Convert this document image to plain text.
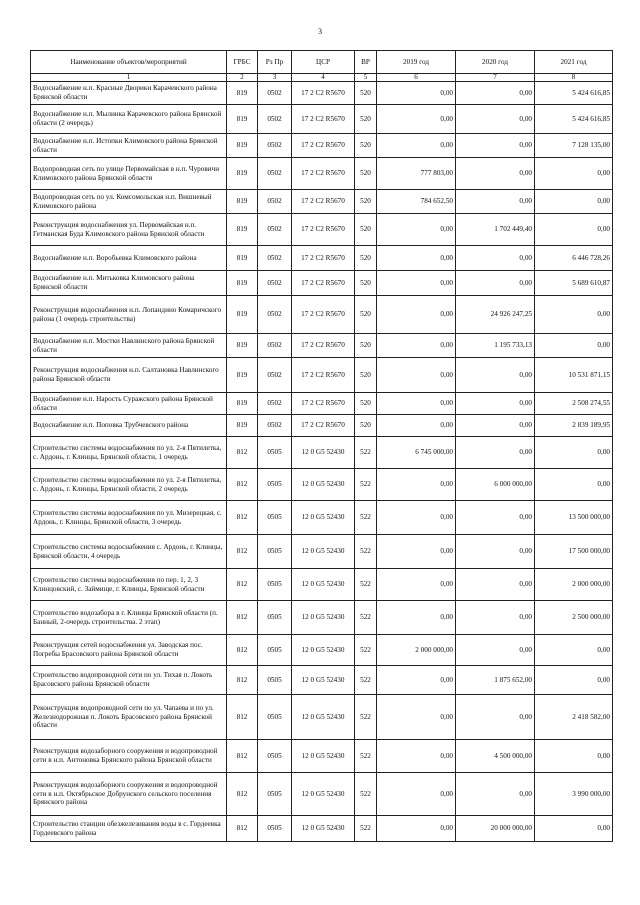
3
Наименование объектов/мероприятий	ГРБС	Рз Пр	ЦСР	ВР	2019 год	2020 год	2021 год
1	2	3	4	5	6	7	8
Водоснабжение н.п. Красные Дворики Карачевского района Брянской области	819	0502	17 2 C2 R5670	520	0,00	0,00	5 424 616,85
Водоснабжение н.п. Мылинка Карачевского района Брянской области (2 очередь)	819	0502	17 2 C2 R5670	520	0,00	0,00	5 424 616,85
Водоснабжение н.п. Истопки Климовского района Брянской области	819	0502	17 2 C2 R5670	520	0,00	0,00	7 128 135,00
Водопроводная сеть по улице Первомайская в н.п. Чуровичи Климовского района Брянской области	819	0502	17 2 C2 R5670	520	777 803,00	0,00	0,00
Водопроводная сеть по ул. Комсомольская н.п. Вишневый Климовского района	819	0502	17 2 C2 R5670	520	784 652,50	0,00	0,00
Реконструкция водоснабжения ул. Первомайская н.п. Гетманская Буда Климовского района Брянской области	819	0502	17 2 C2 R5670	520	0,00	1 702 449,40	0,00
Водоснабжение н.п. Воробьевка Климовского района	819	0502	17 2 C2 R5670	520	0,00	0,00	6 446 728,26
Водоснабжение н.п. Митьковка Климовского района Брянской области	819	0502	17 2 C2 R5670	520	0,00	0,00	5 689 610,87
Реконструкция водоснабжения н.п. Лопандино Комаричского района (1 очередь строительства)	819	0502	17 2 C2 R5670	520	0,00	24 926 247,25	0,00
Водоснабжение н.п. Мостки Навлинского района Брянской области	819	0502	17 2 C2 R5670	520	0,00	1 195 733,13	0,00
Реконструкция водоснабжения н.п. Салтановка Навлинского района Брянской области	819	0502	17 2 C2 R5670	520	0,00	0,00	10 531 871,15
Водоснабжение н.п. Нарость Суражского района Брянской области	819	0502	17 2 C2 R5670	520	0,00	0,00	2 508 274,55
Водоснабжение н.п. Поповка Трубчевского района	819	0502	17 2 C2 R5670	520	0,00	0,00	2 839 189,95
Строительство системы водоснабжения по ул. 2-я Пятилетка, с. Ардонь, г. Клинцы, Брянской области, 1 очередь	812	0505	12 0 G5 52430	522	6 745 000,00	0,00	0,00
Строительство системы водоснабжения по ул. 2-я Пятилетка, с. Ардонь, г. Клинцы, Брянской области, 2 очередь	812	0505	12 0 G5 52430	522	0,00	6 000 000,00	0,00
Строительство системы водоснабжения по ул. Мизерецкая, с. Ардонь, г. Клинцы, Брянской области, 3 очередь	812	0505	12 0 G5 52430	522	0,00	0,00	13 500 000,00
Строительство системы водоснабжения с. Ардонь, г. Клинцы, Брянской области, 4 очередь	812	0505	12 0 G5 52430	522	0,00	0,00	17 500 000,00
Строительство системы водоснабжения по пер. 1, 2, 3 Клинцовский, с. Займище, г. Клинцы, Брянской области	812	0505	12 0 G5 52430	522	0,00	0,00	2 000 000,00
Строительство водозабора в г. Клинцы Брянской области (п. Банный, 2-очередь строительства. 2 этап)	812	0505	12 0 G5 52430	522	0,00	0,00	2 500 000,00
Реконструкция сетей водоснабжения ул. Заводская пос. Погребы Брасовского района Брянской области	812	0505	12 0 G5 52430	522	2 000 000,00	0,00	0,00
Строительство водопроводной сети по ул. Тихая п. Локоть Брасовского района Брянской области	812	0505	12 0 G5 52430	522	0,00	1 875 652,00	0,00
Реконструкция водопроводной сети по ул. Чапаева и по ул. Железнодорожная п. Локоть Брасовского района Брянской области	812	0505	12 0 G5 52430	522	0,00	0,00	2 418 582,00
Реконструкция водозаборного сооружения и водопроводной сети в н.п. Антоновка Брянского района Брянской области	812	0505	12 0 G5 52430	522	0,00	4 500 000,00	0,00
Реконструкция водозаборного сооружения и водопроводной сети в н.п. Октябрьское Добрунского сельского поселения Брянского района	812	0505	12 0 G5 52430	522	0,00	0,00	3 990 000,00
Строительство станции обезжелезивания воды в с. Гордеевка Гордеевского района	812	0505	12 0 G5 52430	522	0,00	20 000 000,00	0,00
